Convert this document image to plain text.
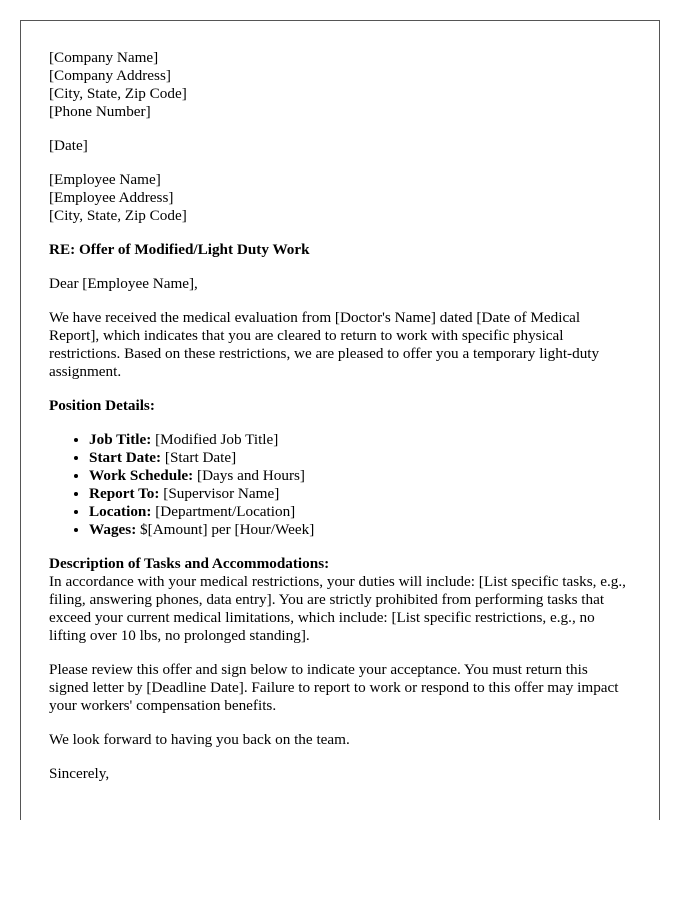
[Company Name]
[Company Address]
[City, State, Zip Code]
[Phone Number]

[Date]

[Employee Name]
[Employee Address]
[City, State, Zip Code]

RE: Offer of Modified/Light Duty Work

Dear [Employee Name],

We have received the medical evaluation from [Doctor's Name] dated [Date of Medical Report], which indicates that you are cleared to return to work with specific physical restrictions. Based on these restrictions, we are pleased to offer you a temporary light-duty assignment.

Position Details:

• Job Title: [Modified Job Title]
• Start Date: [Start Date]
• Work Schedule: [Days and Hours]
• Report To: [Supervisor Name]
• Location: [Department/Location]
• Wages: $[Amount] per [Hour/Week]
Description of Tasks and Accommodations:
In accordance with your medical restrictions, your duties will include: [List specific tasks, e.g., filing, answering phones, data entry]. You are strictly prohibited from performing tasks that exceed your current medical limitations, which include: [List specific restrictions, e.g., no lifting over 10 lbs, no prolonged standing].

Please review this offer and sign below to indicate your acceptance. You must return this signed letter by [Deadline Date]. Failure to report to work or respond to this offer may impact your workers' compensation benefits.

We look forward to having you back on the team.

Sincerely,
